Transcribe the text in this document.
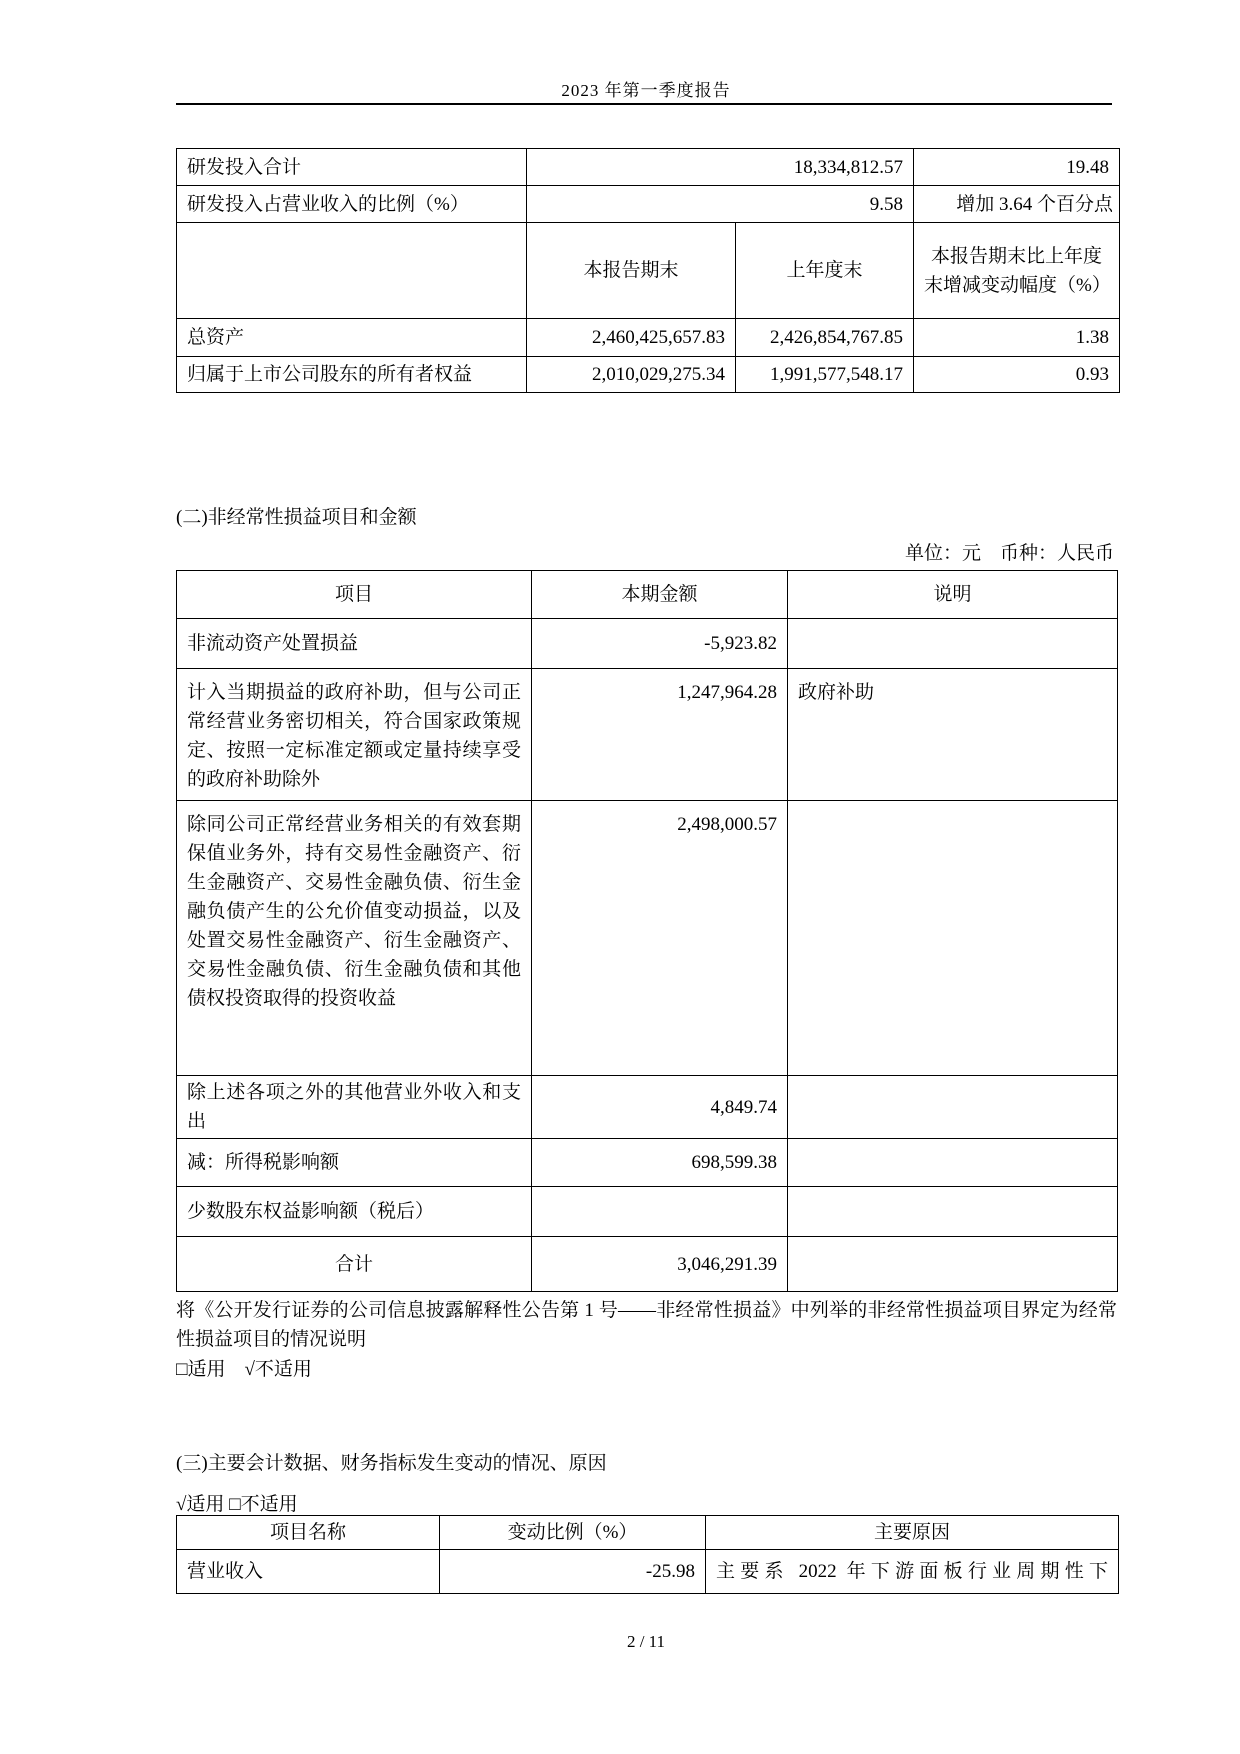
2023 年第一季度报告
研发投入合计	18,334,812.57		19.48
研发投入占营业收入的比例（%）	9.58		增加 3.64 个百分点
	本报告期末	上年度末	本报告期末比上年度末增减变动幅度（%）
总资产	2,460,425,657.83	2,426,854,767.85	1.38
归属于上市公司股东的所有者权益	2,010,029,275.34	1,991,577,548.17	0.93
(二)非经常性损益项目和金额
单位：元　币种：人民币
项目	本期金额	说明
非流动资产处置损益	-5,923.82	
计入当期损益的政府补助，但与公司正常经营业务密切相关，符合国家政策规定、按照一定标准定额或定量持续享受的政府补助除外	1,247,964.28	政府补助
除同公司正常经营业务相关的有效套期保值业务外，持有交易性金融资产、衍生金融资产、交易性金融负债、衍生金融负债产生的公允价值变动损益，以及处置交易性金融资产、衍生金融资产、交易性金融负债、衍生金融负债和其他债权投资取得的投资收益	2,498,000.57	
除上述各项之外的其他营业外收入和支出	4,849.74	
减：所得税影响额	698,599.38	
少数股东权益影响额（税后）		
合计	3,046,291.39	
将《公开发行证券的公司信息披露解释性公告第 1 号——非经常性损益》中列举的非经常性损益项目界定为经常性损益项目的情况说明
□适用　√不适用
(三)主要会计数据、财务指标发生变动的情况、原因
√适用 □不适用
项目名称	变动比例（%）	主要原因
营业收入	-25.98	主要系 2022 年下游面板行业周期性下
2 / 11
